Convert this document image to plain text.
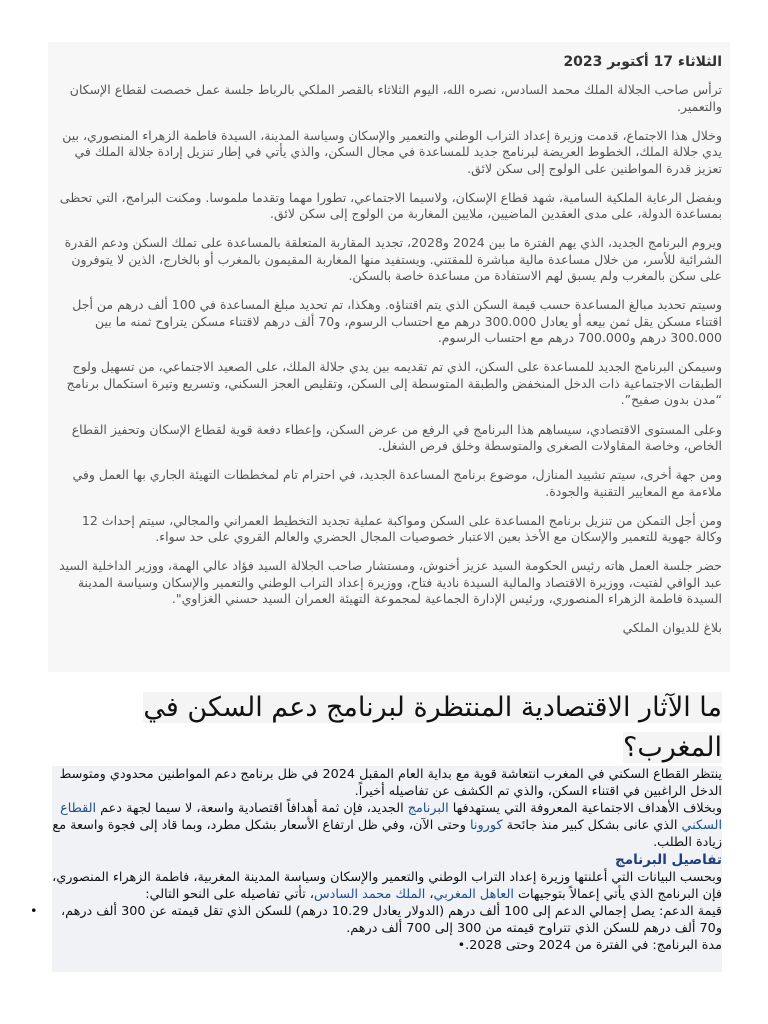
الثلاثاء 17 أكتوبر 2023

ترأس صاحب الجلالة الملك محمد السادس، نصره الله، اليوم الثلاثاء بالقصر الملكي بالرباط جلسة عمل خصصت لقطاع الإسكان والتعمير.

وخلال هذا الاجتماع، قدمت وزيرة إعداد التراب الوطني والتعمير والإسكان وسياسة المدينة، السيدة فاطمة الزهراء المنصوري، بين يدي جلالة الملك، الخطوط العريضة لبرنامج جديد للمساعدة في مجال السكن، والذي يأتي في إطار تنزيل إرادة جلالة الملك في تعزيز قدرة المواطنين على الولوج إلى سكن لائق.

وبفضل الرعاية الملكية السامية، شهد قطاع الإسكان، ولاسيما الاجتماعي، تطورا مهما وتقدما ملموسا. ومكنت البرامج، التي تحظى بمساعدة الدولة، على مدى العقدين الماضيين، ملايين المغاربة من الولوج إلى سكن لائق.

ويروم البرنامج الجديد، الذي يهم الفترة ما بين 2024 و2028، تجديد المقاربة المتعلقة بالمساعدة على تملك السكن ودعم القدرة الشرائية للأسر، من خلال مساعدة مالية مباشرة للمقتني. ويستفيد منها المغاربة المقيمون بالمغرب أو بالخارج، الذين لا يتوفرون على سكن بالمغرب ولم يسبق لهم الاستفادة من مساعدة خاصة بالسكن.

وسيتم تحديد مبالغ المساعدة حسب قيمة السكن الذي يتم اقتناؤه. وهكذا، تم تحديد مبلغ المساعدة في 100 ألف درهم من أجل اقتناء مسكن يقل ثمن بيعه أو يعادل 300.000 درهم مع احتساب الرسوم، و70 ألف درهم لاقتناء مسكن يتراوح ثمنه ما بين 300.000 درهم و700.000 درهم مع احتساب الرسوم.

وسيمكن البرنامج الجديد للمساعدة على السكن، الذي تم تقديمه بين يدي جلالة الملك، على الصعيد الاجتماعي، من تسهيل ولوج الطبقات الاجتماعية ذات الدخل المنخفض والطبقة المتوسطة إلى السكن، وتقليص العجز السكني، وتسريع وتيرة استكمال برنامج “مدن بدون صفيح”.

وعلى المستوى الاقتصادي، سيساهم هذا البرنامج في الرفع من عرض السكن، وإعطاء دفعة قوية لقطاع الإسكان وتحفيز القطاع الخاص، وخاصة المقاولات الصغرى والمتوسطة وخلق فرص الشغل.

ومن جهة أخرى، سيتم تشييد المنازل، موضوع برنامج المساعدة الجديد، في احترام تام لمخططات التهيئة الجاري بها العمل وفي ملاءمة مع المعايير التقنية والجودة.

ومن أجل التمكن من تنزيل برنامج المساعدة على السكن ومواكبة عملية تجديد التخطيط العمراني والمجالي، سيتم إحداث 12 وكالة جهوية للتعمير والإسكان مع الأخذ بعين الاعتبار خصوصيات المجال الحضري والعالم القروي على حد سواء.

حضر جلسة العمل هاته رئيس الحكومة السيد عزيز أخنوش، ومستشار صاحب الجلالة السيد فؤاد عالي الهمة، ووزير الداخلية السيد عبد الوافي لفتيت، ووزيرة الاقتصاد والمالية السيدة نادية فتاح، ووزيرة إعداد التراب الوطني والتعمير والإسكان وسياسة المدينة السيدة فاطمة الزهراء المنصوري، ورئيس الإدارة الجماعية لمجموعة التهيئة العمران السيد حسني الغزاوي".

بلاغ للديوان الملكي
ما الآثار الاقتصادية المنتظرة لبرنامج دعم السكن في المغرب؟

ينتظر القطاع السكني في المغرب انتعاشة قوية مع بداية العام المقبل 2024 في ظل برنامج دعم المواطنين محدودي ومتوسط الدخل الراغبين في اقتناء السكن، والذي تم الكشف عن تفاصيله أخيراً.

وبخلاف الأهداف الاجتماعية المعروفة التي يستهدفها البرنامج الجديد، فإن ثمة أهدافاً اقتصادية واسعة، لا سيما لجهة دعم القطاع السكني الذي عانى بشكل كبير منذ جائحة كورونا وحتى الآن، وفي ظل ارتفاع الأسعار بشكل مطرد، وبما قاد إلى فجوة واسعة مع زيادة الطلب.

تفاصيل البرنامج

وبحسب البيانات التي أعلنتها وزيرة إعداد التراب الوطني والتعمير والإسكان وسياسة المدينة المغربية، فاطمة الزهراء المنصوري، فإن البرنامج الذي يأتي إعمالاً بتوجيهات العاهل المغربي، الملك محمد السادس، تأتي تفاصيله على النحو التالي:

• قيمة الدعم: يصل إجمالي الدعم إلى 100 ألف درهم (الدولار يعادل 10.29 درهم) للسكن الذي تقل قيمته عن 300 ألف درهم، و70 ألف درهم للسكن الذي تتراوح قيمته من 300 إلى 700 ألف درهم.
مدة البرنامج: في الفترة من 2024 وحتى 2028.•
